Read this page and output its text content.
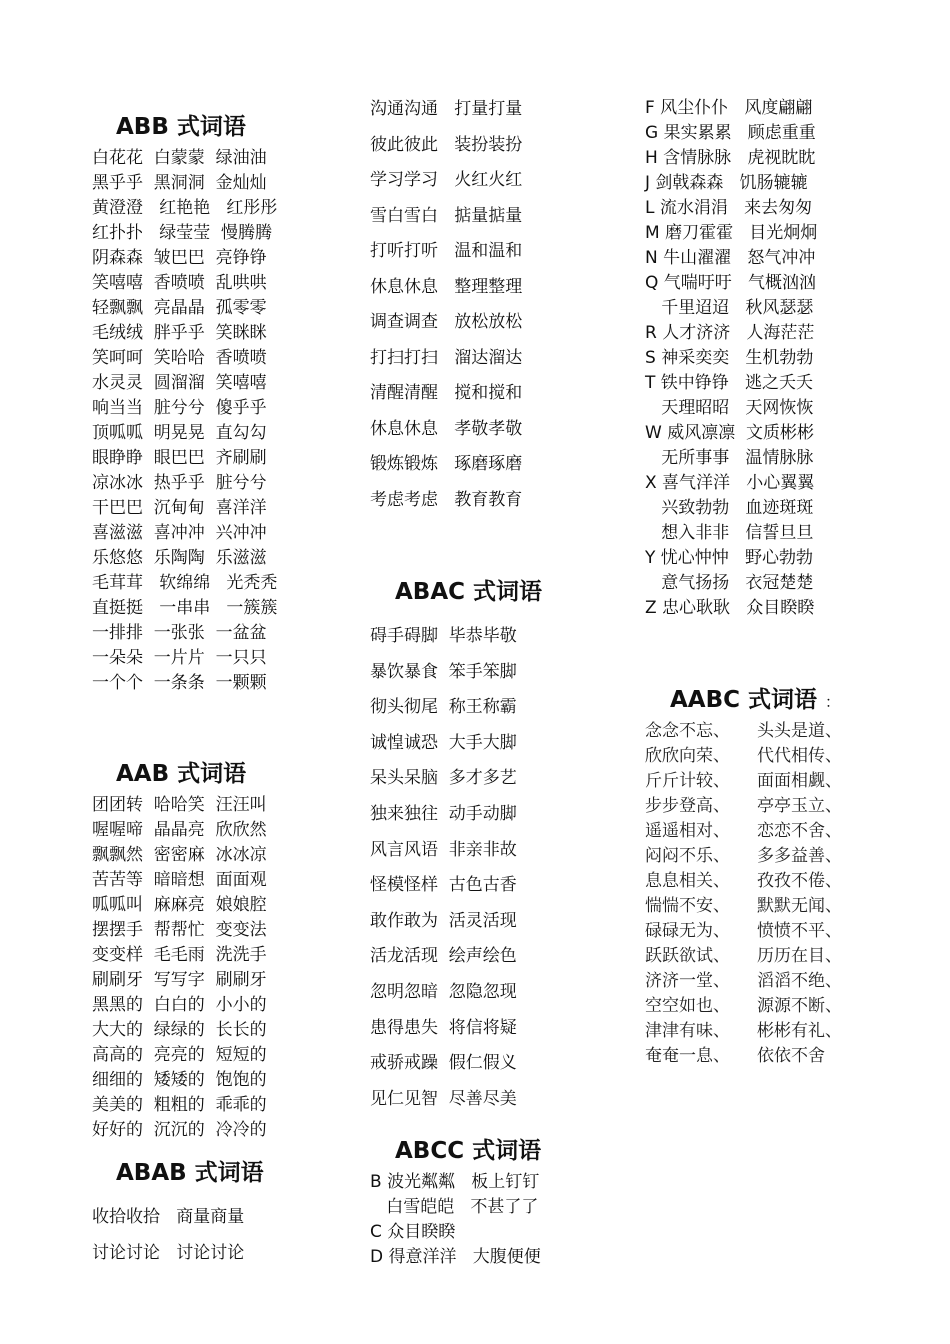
ABB 式词语
白花花  白蒙蒙  绿油油
黑乎乎  黑洞洞  金灿灿
黄澄澄   红艳艳   红彤彤
红扑扑   绿莹莹  慢腾腾
阴森森  皱巴巴  亮铮铮
笑嘻嘻  香喷喷  乱哄哄
轻飘飘  亮晶晶  孤零零
毛绒绒  胖乎乎  笑眯眯
笑呵呵  笑哈哈  香喷喷
水灵灵  圆溜溜  笑嘻嘻
响当当  脏兮兮  傻乎乎
顶呱呱  明晃晃  直勾勾
眼睁睁  眼巴巴  齐刷刷
凉冰冰  热乎乎  脏兮兮
干巴巴  沉甸甸  喜洋洋
喜滋滋  喜冲冲  兴冲冲
乐悠悠  乐陶陶  乐滋滋
毛茸茸   软绵绵   光秃秃
直挺挺   一串串   一簇簇
一排排  一张张  一盆盆
一朵朵  一片片  一只只
一个个  一条条  一颗颗
AAB 式词语
团团转  哈哈笑  汪汪叫
喔喔啼  晶晶亮  欣欣然
飘飘然  密密麻  冰冰凉
苦苦等  暗暗想  面面观
呱呱叫  麻麻亮  娘娘腔
摆摆手  帮帮忙  变变法
变变样  毛毛雨  洗洗手
刷刷牙  写写字  刷刷牙
黑黑的  白白的  小小的
大大的  绿绿的  长长的
高高的  亮亮的  短短的
细细的  矮矮的  饱饱的
美美的  粗粗的  乖乖的
好好的  沉沉的  冷冷的
ABAB 式词语
收拾收拾   商量商量
讨论讨论   讨论讨论
沟通沟通   打量打量
彼此彼此   装扮装扮
学习学习   火红火红
雪白雪白   掂量掂量
打听打听   温和温和
休息休息   整理整理
调查调查   放松放松
打扫打扫   溜达溜达
清醒清醒   搅和搅和
休息休息   孝敬孝敬
锻炼锻炼   琢磨琢磨
考虑考虑   教育教育
ABAC 式词语
碍手碍脚  毕恭毕敬
暴饮暴食  笨手笨脚
彻头彻尾  称王称霸
诚惶诚恐  大手大脚
呆头呆脑  多才多艺
独来独往  动手动脚
风言风语  非亲非故
怪模怪样  古色古香
敢作敢为  活灵活现
活龙活现  绘声绘色
忽明忽暗  忽隐忽现
患得患失  将信将疑
戒骄戒躁  假仁假义
见仁见智  尽善尽美
ABCC 式词语
B 波光粼粼   板上钉钉
白雪皑皑   不甚了了
C 众目睽睽
D 得意洋洋   大腹便便
F 风尘仆仆   风度翩翩
G 果实累累   顾虑重重
H 含情脉脉   虎视眈眈
J 剑戟森森   饥肠辘辘
L 流水涓涓   来去匆匆
M 磨刀霍霍   目光炯炯
N 牛山濯濯   怒气冲冲
Q 气喘吁吁   气概汹汹
千里迢迢   秋风瑟瑟
R 人才济济   人海茫茫
S 神采奕奕   生机勃勃
T 铁中铮铮   逃之夭夭
天理昭昭   天网恢恢
W 威风凛凛  文质彬彬
无所事事   温情脉脉
X 喜气洋洋   小心翼翼
兴致勃勃   血迹斑斑
想入非非   信誓旦旦
Y 忧心忡忡   野心勃勃
意气扬扬   衣冠楚楚
Z 忠心耿耿   众目睽睽
AABC 式词语 ：
念念不忘、     头头是道、
欣欣向荣、     代代相传、
斤斤计较、     面面相觑、
步步登高、     亭亭玉立、
遥遥相对、     恋恋不舍、
闷闷不乐、     多多益善、
息息相关、     孜孜不倦、
惴惴不安、     默默无闻、
碌碌无为、     愤愤不平、
跃跃欲试、     历历在目、
济济一堂、     滔滔不绝、
空空如也、     源源不断、
津津有味、     彬彬有礼、
奄奄一息、     依依不舍
